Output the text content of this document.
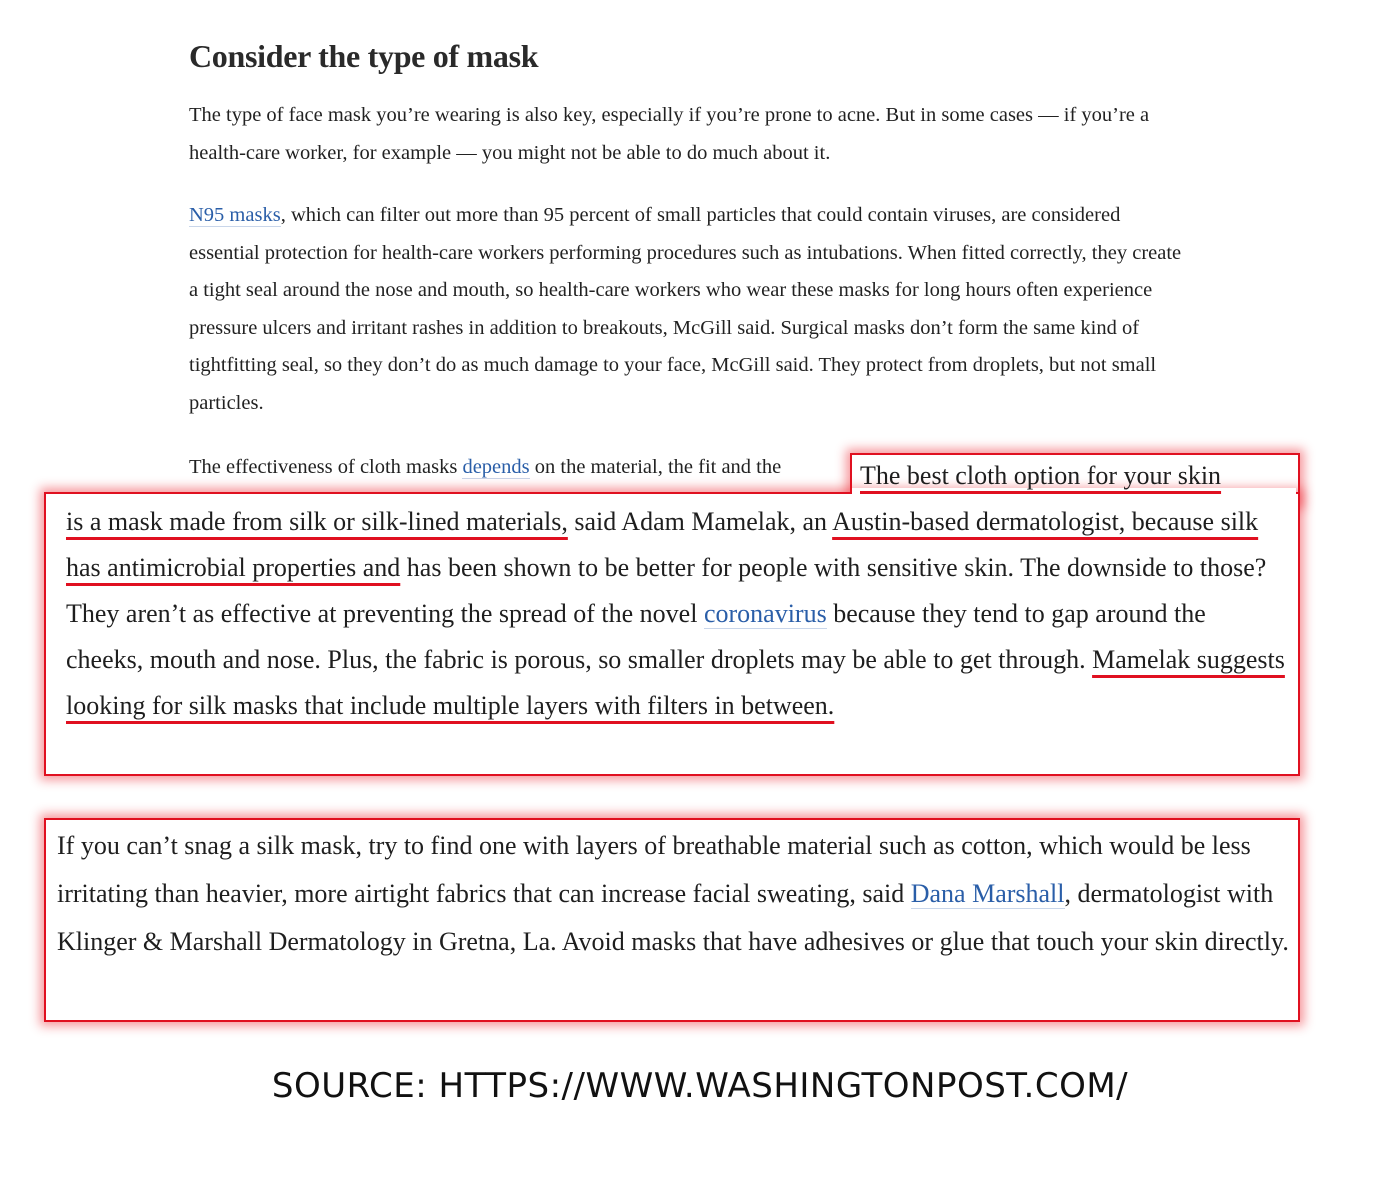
Consider the type of mask

The type of face mask you’re wearing is also key, especially if you’re prone to acne. But in some cases — if you’re a health-care worker, for example — you might not be able to do much about it.

N95 masks, which can filter out more than 95 percent of small particles that could contain viruses, are considered essential protection for health-care workers performing procedures such as intubations. When fitted correctly, they create a tight seal around the nose and mouth, so health-care workers who wear these masks for long hours often experience pressure ulcers and irritant rashes in addition to breakouts, McGill said. Surgical masks don’t form the same kind of tightfitting seal, so they don’t do as much damage to your face, McGill said. They protect from droplets, but not small particles.

The effectiveness of cloth masks depends on the material, the fit and the	The best cloth option for your skin

is a mask made from silk or silk-lined materials, said Adam Mamelak, an Austin-based dermatologist, because silk has antimicrobial properties and has been shown to be better for people with sensitive skin. The downside to those? They aren’t as effective at preventing the spread of the novel coronavirus because they tend to gap around the cheeks, mouth and nose. Plus, the fabric is porous, so smaller droplets may be able to get through. Mamelak suggests looking for silk masks that include multiple layers with filters in between.

If you can’t snag a silk mask, try to find one with layers of breathable material such as cotton, which would be less irritating than heavier, more airtight fabrics that can increase facial sweating, said Dana Marshall, dermatologist with Klinger & Marshall Dermatology in Gretna, La. Avoid masks that have adhesives or glue that touch your skin directly.

SOURCE: HTTPS://WWW.WASHINGTONPOST.COM/
